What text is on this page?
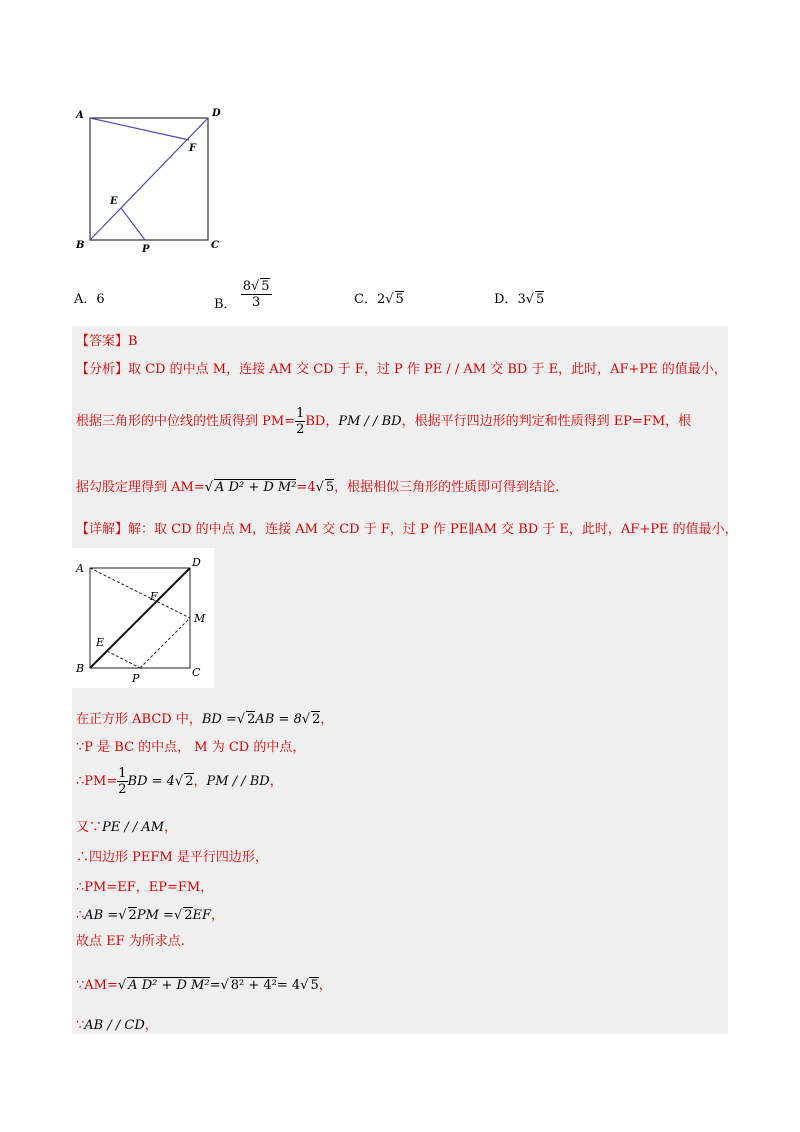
A	D
F
E
B	P	C
A．6	B． $\frac{8√ 5}{3}$	C．2√ 5	D．3√ 5
【答案】B
【分析】取 CD 的中点 M，连接 AM 交 CD 于 F，过 P 作 PE / / AM 交 BD 于 E，此时，AF+PE 的值最小，
根据三角形的中位线的性质得到 $PM= \frac{1}{2}BD$，PM / / BD，根据平行四边形的判定和性质得到 EP=FM，根
据勾股定理得到 AM=√ A D² + D M²=4√ 5，根据相似三角形的性质即可得到结论.
【详解】解：取 CD 的中点 M，连接 AM 交 CD 于 F，过 P 作 PE∥AM 交 BD 于 E，此时，AF+PE 的值最小，
在正方形 ABCD 中，BD =√ 2AB = 8√ 2，
∵P 是 BC 的中点， M 为 CD 的中点，
∴PM= $\frac{1}{2}BD = 4√$ 2，PM / / BD，
又∵PE / / AM，
∴四边形 PEFM 是平行四边形，
∴PM=EF，EP=FM，
∴AB =√ 2PM =√ 2EF，
故点 EF 为所求点.
∵AM=√ A D² + D M²=√ 8² + 4²= 4√ 5，
∵AB / / CD，
A	D
F
M
E
B
P	C
